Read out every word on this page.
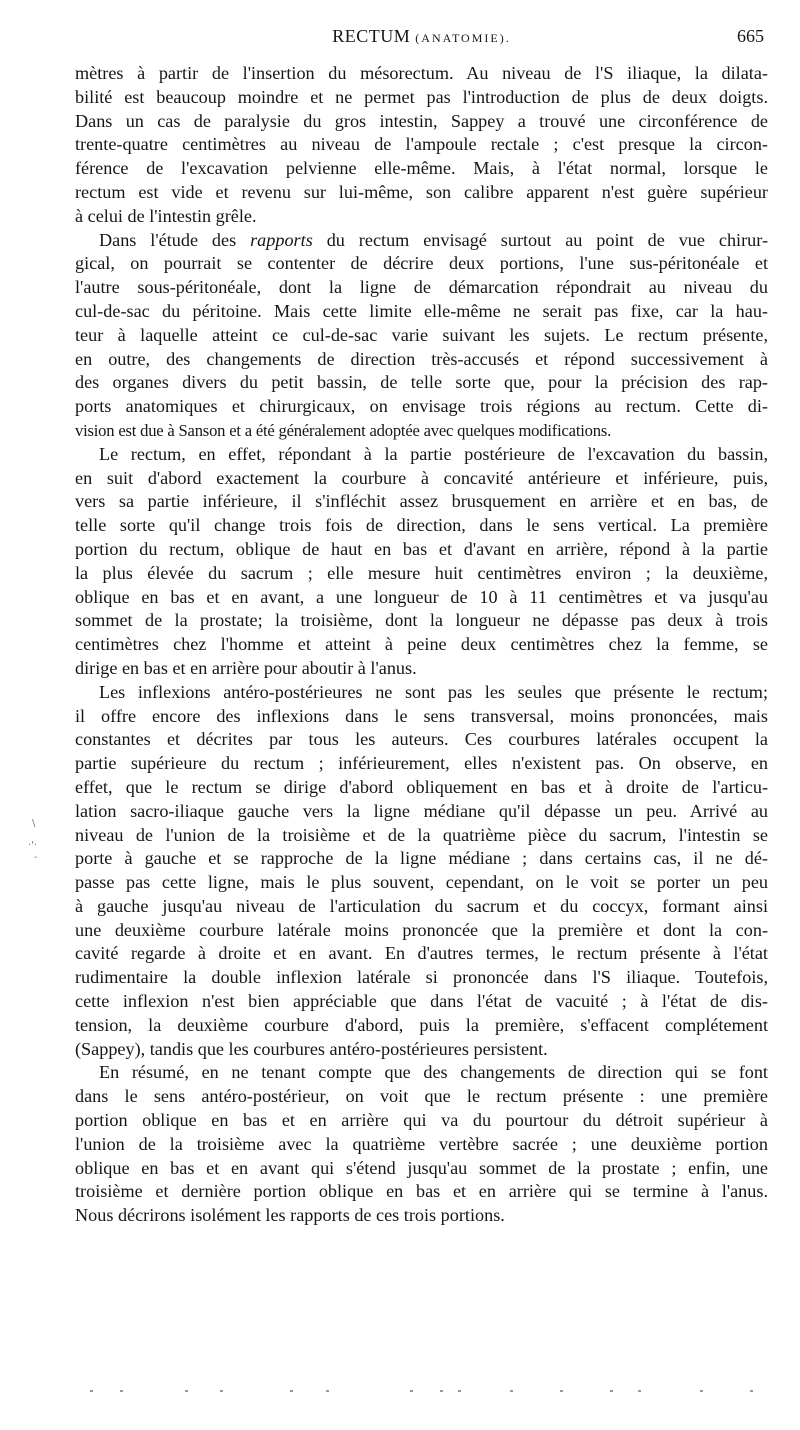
RECTUM (ANATOMIE).	665
mètres à partir de l'insertion du mésorectum. Au niveau de l'S iliaque, la dilata-
bilité est beaucoup moindre et ne permet pas l'introduction de plus de deux doigts.
Dans un cas de paralysie du gros intestin, Sappey a trouvé une circonférence de
trente-quatre centimètres au niveau de l'ampoule rectale ; c'est presque la circon-
férence de l'excavation pelvienne elle-même. Mais, à l'état normal, lorsque le
rectum est vide et revenu sur lui-même, son calibre apparent n'est guère supérieur
à celui de l'intestin grêle.
Dans l'étude des rapports du rectum envisagé surtout au point de vue chirur-
gical, on pourrait se contenter de décrire deux portions, l'une sus-péritonéale et
l'autre sous-péritonéale, dont la ligne de démarcation répondrait au niveau du
cul-de-sac du péritoine. Mais cette limite elle-même ne serait pas fixe, car la hau-
teur à laquelle atteint ce cul-de-sac varie suivant les sujets. Le rectum présente,
en outre, des changements de direction très-accusés et répond successivement à
des organes divers du petit bassin, de telle sorte que, pour la précision des rap-
ports anatomiques et chirurgicaux, on envisage trois régions au rectum. Cette di-
vision est due à Sanson et a été généralement adoptée avec quelques modifications.
Le rectum, en effet, répondant à la partie postérieure de l'excavation du bassin,
en suit d'abord exactement la courbure à concavité antérieure et inférieure, puis,
vers sa partie inférieure, il s'infléchit assez brusquement en arrière et en bas, de
telle sorte qu'il change trois fois de direction, dans le sens vertical. La première
portion du rectum, oblique de haut en bas et d'avant en arrière, répond à la partie
la plus élevée du sacrum ; elle mesure huit centimètres environ ; la deuxième,
oblique en bas et en avant, a une longueur de 10 à 11 centimètres et va jusqu'au
sommet de la prostate; la troisième, dont la longueur ne dépasse pas deux à trois
centimètres chez l'homme et atteint à peine deux centimètres chez la femme, se
dirige en bas et en arrière pour aboutir à l'anus.
Les inflexions antéro-postérieures ne sont pas les seules que présente le rectum;
il offre encore des inflexions dans le sens transversal, moins prononcées, mais
constantes et décrites par tous les auteurs. Ces courbures latérales occupent la
partie supérieure du rectum ; inférieurement, elles n'existent pas. On observe, en
effet, que le rectum se dirige d'abord obliquement en bas et à droite de l'articu-
lation sacro-iliaque gauche vers la ligne médiane qu'il dépasse un peu. Arrivé au
niveau de l'union de la troisième et de la quatrième pièce du sacrum, l'intestin se
porte à gauche et se rapproche de la ligne médiane ; dans certains cas, il ne dé-
passe pas cette ligne, mais le plus souvent, cependant, on le voit se porter un peu
à gauche jusqu'au niveau de l'articulation du sacrum et du coccyx, formant ainsi
une deuxième courbure latérale moins prononcée que la première et dont la con-
cavité regarde à droite et en avant. En d'autres termes, le rectum présente à l'état
rudimentaire la double inflexion latérale si prononcée dans l'S iliaque. Toutefois,
cette inflexion n'est bien appréciable que dans l'état de vacuité ; à l'état de dis-
tension, la deuxième courbure d'abord, puis la première, s'effacent complétement
(Sappey), tandis que les courbures antéro-postérieures persistent.
En résumé, en ne tenant compte que des changements de direction qui se font
dans le sens antéro-postérieur, on voit que le rectum présente : une première
portion oblique en bas et en arrière qui va du pourtour du détroit supérieur à
l'union de la troisième avec la quatrième vertèbre sacrée ; une deuxième portion
oblique en bas et en avant qui s'étend jusqu'au sommet de la prostate ; enfin, une
troisième et dernière portion oblique en bas et en arrière qui se termine à l'anus.
Nous décrirons isolément les rapports de ces trois portions.
\
·'·
-
